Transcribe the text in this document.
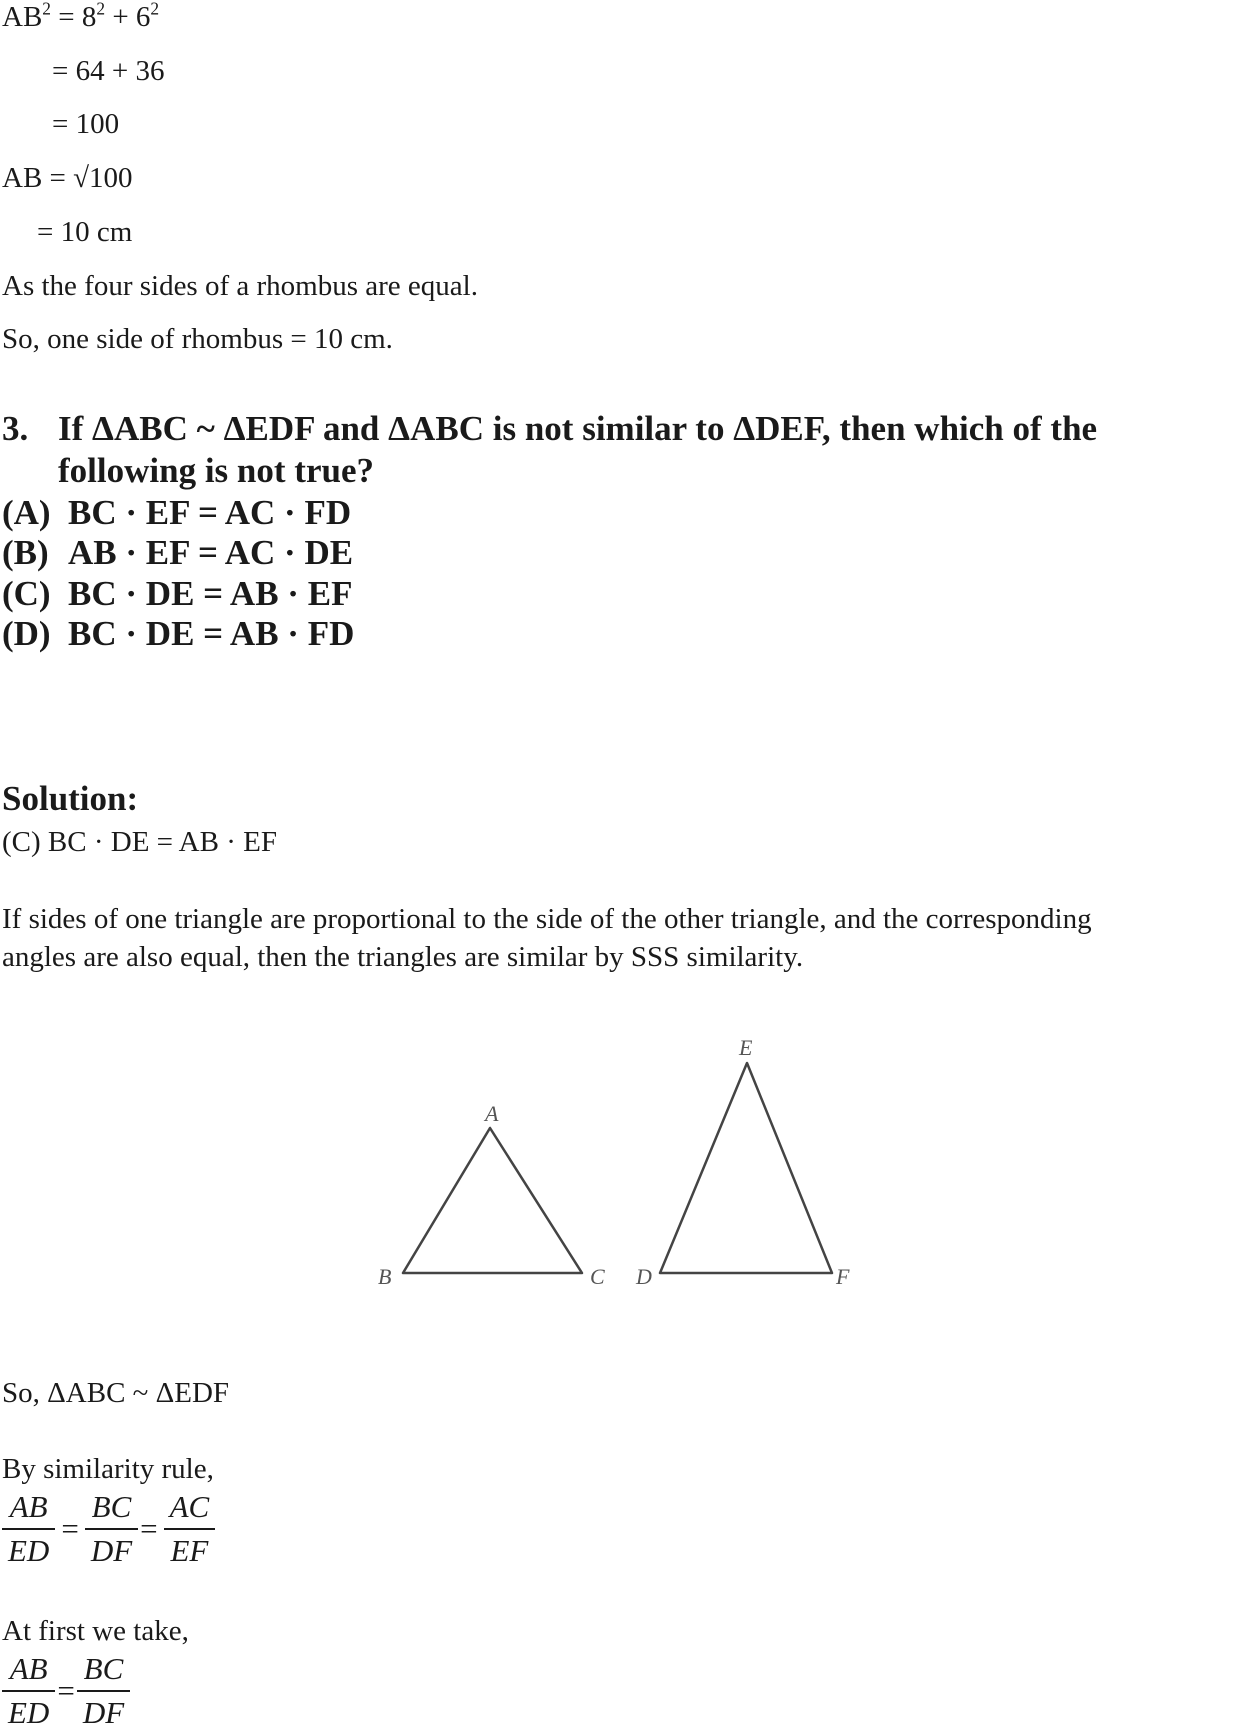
$AB^2 = 8^2 + 6^2$
= 64 + 36
= 100
AB = √100
= 10 cm
As the four sides of a rhombus are equal.
So, one side of rhombus = 10 cm.
3. If ΔABC ~ ΔEDF and ΔABC is not similar to ΔDEF, then which of the
following is not true?
(A) BC · EF = AC · FD
(B) AB · EF = AC · DE
(C) BC · DE = AB · EF
(D) BC · DE = AB · FD
Solution:
(C) BC · DE = AB · EF
If sides of one triangle are proportional to the side of the other triangle, and the corresponding
angles are also equal, then the triangles are similar by SSS similarity.
A
B	C D
E
F
So, ΔABC ~ ΔEDF
By similarity rule,
$\frac{AB}{ED} = \frac{BC}{DF} = \frac{AC}{EF}$
At first we take,
$\frac{AB}{ED} = \frac{BC}{DF}$
